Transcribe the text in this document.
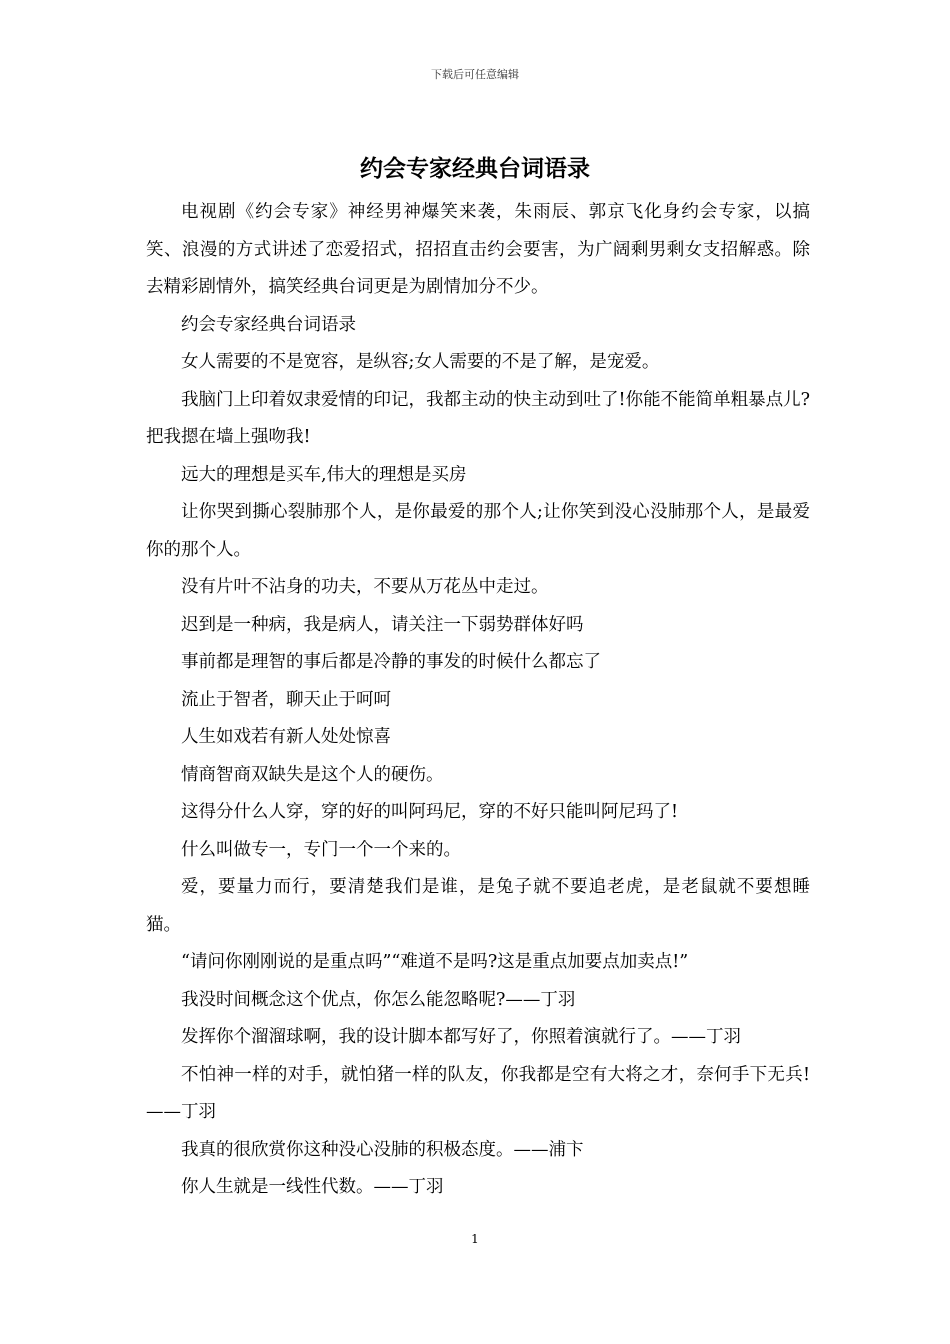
下载后可任意编辑
约会专家经典台词语录

电视剧《约会专家》神经男神爆笑来袭，朱雨辰、郭京飞化身约会专家，以搞笑、浪漫的方式讲述了恋爱招式，招招直击约会要害，为广阔剩男剩女支招解惑。除去精彩剧情外，搞笑经典台词更是为剧情加分不少。

约会专家经典台词语录

女人需要的不是宽容，是纵容;女人需要的不是了解，是宠爱。

我脑门上印着奴隶爱情的印记，我都主动的快主动到吐了!你能不能简单粗暴点儿?把我摁在墙上强吻我!

远大的理想是买车,伟大的理想是买房

让你哭到撕心裂肺那个人，是你最爱的那个人;让你笑到没心没肺那个人，是最爱你的那个人。

没有片叶不沾身的功夫，不要从万花丛中走过。

迟到是一种病，我是病人，请关注一下弱势群体好吗

事前都是理智的事后都是冷静的事发的时候什么都忘了

流止于智者，聊天止于呵呵

人生如戏若有新人处处惊喜

情商智商双缺失是这个人的硬伤。

这得分什么人穿，穿的好的叫阿玛尼，穿的不好只能叫阿尼玛了!

什么叫做专一，专门一个一个来的。

爱，要量力而行，要清楚我们是谁，是兔子就不要追老虎，是老鼠就不要想睡猫。

“请问你刚刚说的是重点吗”“难道不是吗?这是重点加要点加卖点!”

我没时间概念这个优点，你怎么能忽略呢?——丁羽

发挥你个溜溜球啊，我的设计脚本都写好了，你照着演就行了。——丁羽

不怕神一样的对手，就怕猪一样的队友，你我都是空有大将之才，奈何手下无兵!——丁羽

我真的很欣赏你这种没心没肺的积极态度。——浦卞

你人生就是一线性代数。——丁羽

1
